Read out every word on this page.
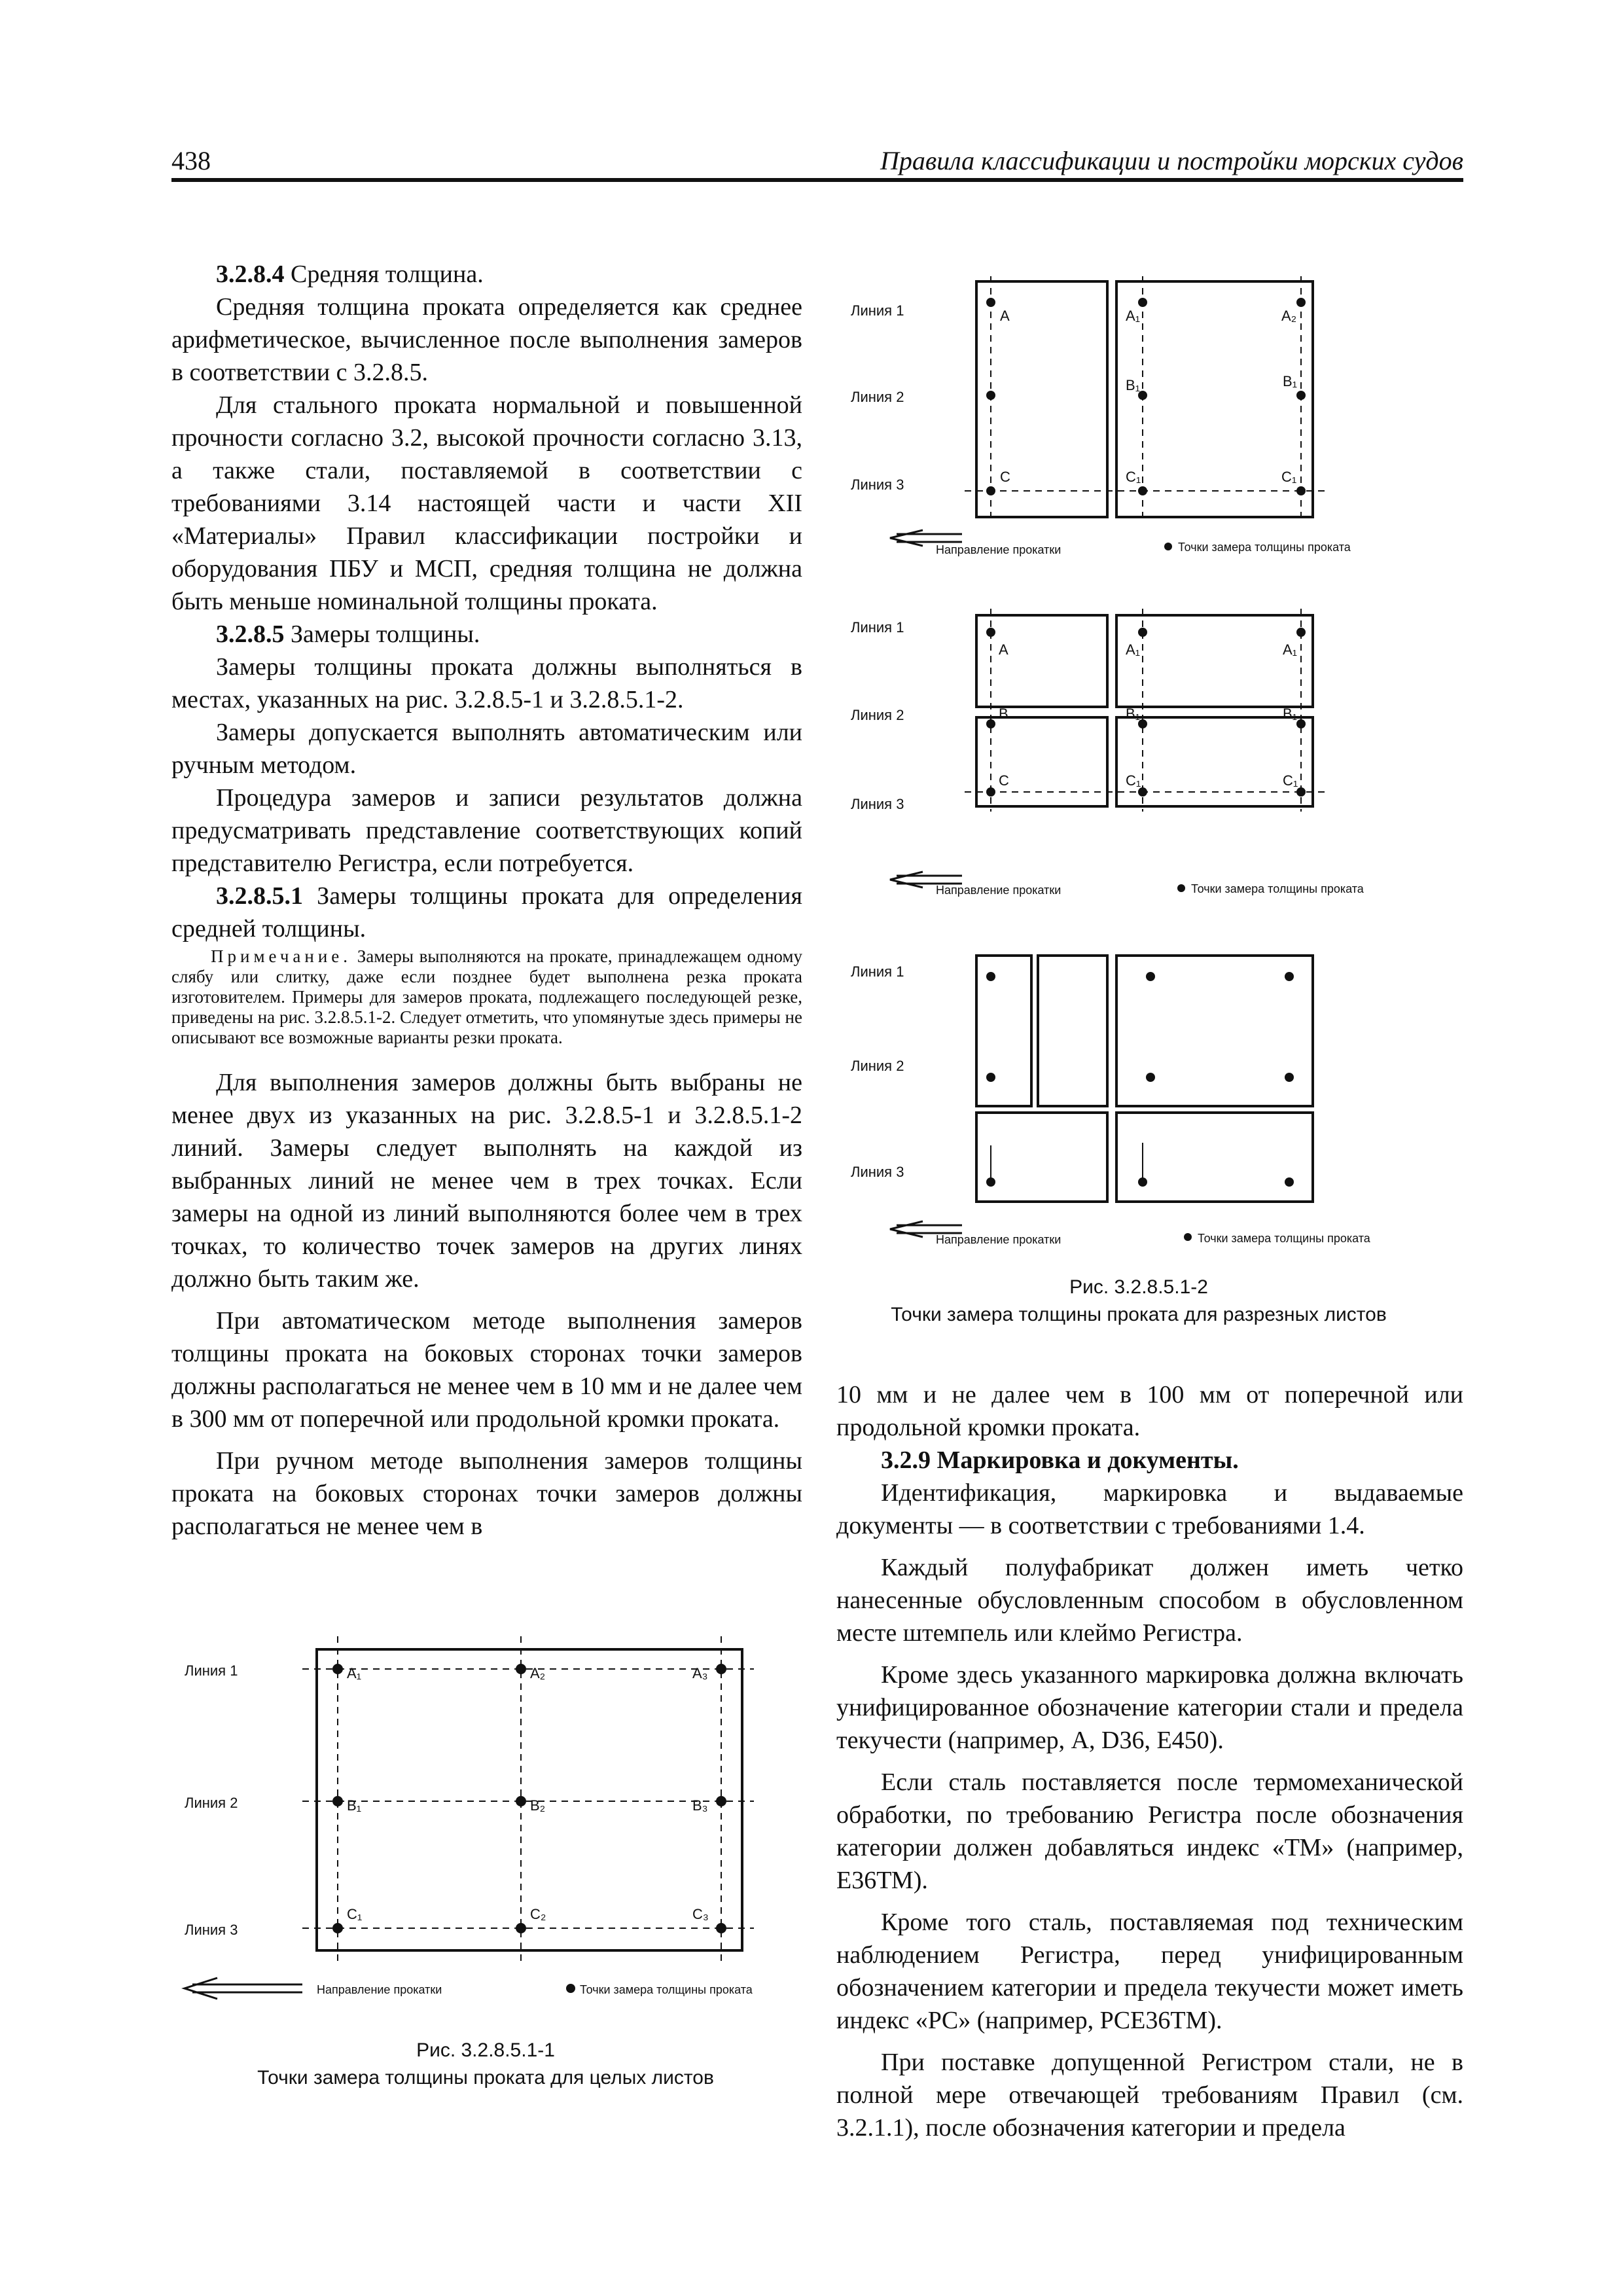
438	Правила классификации и постройки морских судов

3.2.8.4 Средняя толщина.

Средняя толщина проката определяется как среднее арифметическое, вычисленное после выполнения замеров в соответствии с 3.2.8.5.

Для стального проката нормальной и повышенной прочности согласно 3.2, высокой прочности согласно 3.13, а также стали, поставляемой в соответствии с требованиями 3.14 настоящей части и части XII «Материалы» Правил классификации постройки и оборудования ПБУ и МСП, средняя толщина не должна быть меньше номинальной толщины проката.

3.2.8.5 Замеры толщины.

Замеры толщины проката должны выполняться в местах, указанных на рис. 3.2.8.5-1 и 3.2.8.5.1-2.

Замеры допускается выполнять автоматическим или ручным методом.

Процедура замеров и записи результатов должна предусматривать представление соответствующих копий представителю Регистра, если потребуется.

3.2.8.5.1 Замеры толщины проката для определения средней толщины.

Примечание. Замеры выполняются на прокате, принадлежащем одному слябу или слитку, даже если позднее будет выполнена резка проката изготовителем. Примеры для замеров проката, подлежащего последующей резке, приведены на рис. 3.2.8.5.1-2. Следует отметить, что упомянутые здесь примеры не описывают все возможные варианты резки проката.

Для выполнения замеров должны быть выбраны не менее двух из указанных на рис. 3.2.8.5-1 и 3.2.8.5.1-2 линий. Замеры следует выполнять на каждой из выбранных линий не менее чем в трех точках. Если замеры на одной из линий выполняются более чем в трех точках, то количество точек замеров на других линях должно быть таким же.

При автоматическом методе выполнения замеров толщины проката на боковых сторонах точки замеров должны располагаться не менее чем в 10 мм и не далее чем в 300 мм от поперечной или продольной кромки проката.

При ручном методе выполнения замеров толщины проката на боковых сторонах точки замеров должны располагаться не менее чем в

10 мм и не далее чем в 100 мм от поперечной или продольной кромки проката.

3.2.9 Маркировка и документы.

Идентификация, маркировка и выдаваемые документы — в соответствии с требованиями 1.4.

Каждый полуфабрикат должен иметь четко нанесенные обусловленным способом в обусловленном месте штемпель или клеймо Регистра.

Кроме здесь указанного маркировка должна включать унифицированное обозначение категории стали и предела текучести (например, А, D36, Е450).

Если сталь поставляется после термомеханической обработки, по требованию Регистра после обозначения категории должен добавляться индекс «ТМ» (например, Е36ТМ).

Кроме того сталь, поставляемая под техническим наблюдением Регистра, перед унифицированным обозначением категории и предела текучести может иметь индекс «PC» (например, PCE36TM).

При поставке допущенной Регистром стали, не в полной мере отвечающей требованиям Правил (см. 3.2.1.1), после обозначения категории и предела

Линия 1
Линия 2
Линия 3
A	A₁	A₂
B₁	B₁
C	C₁	C₁
Направление прокатки	Точки замера толщины проката
Линия 1
Линия 2
Линия 3
A	A₁	A₁
B	B₁	B₁
C	C₁	C₁
Направление прокатки	Точки замера толщины проката
Линия 1
Линия 2
Линия 3
Направление прокатки	Точки замера толщины проката
Рис. 3.2.8.5.1-2
Точки замера толщины проката для разрезных листов
Линия 1
Линия 2
Линия 3
A₁	A₂	A₃
B₁	B₂	B₃
C₁	C₂	C₃
Направление прокатки	Точки замера толщины проката
Рис. 3.2.8.5.1-1
Точки замера толщины проката для целых листов
